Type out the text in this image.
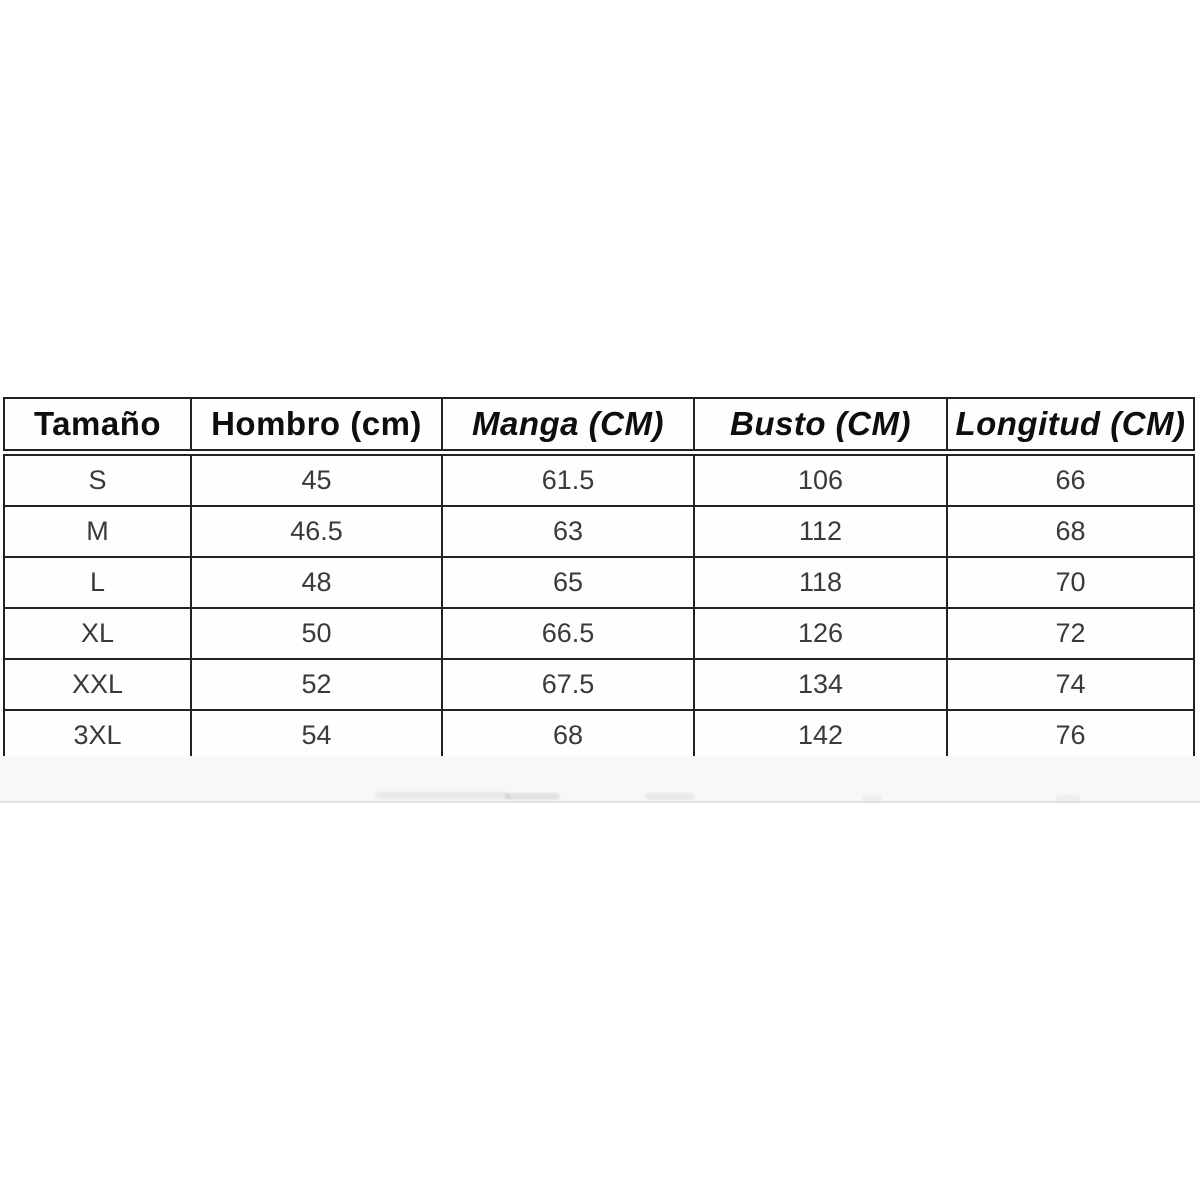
Tamaño	Hombro (cm)	Manga (CM)	Busto (CM)	Longitud (CM)
S	45	61.5	106	66
M	46.5	63	112	68
L	48	65	118	70
XL	50	66.5	126	72
XXL	52	67.5	134	74
3XL	54	68	142	76
